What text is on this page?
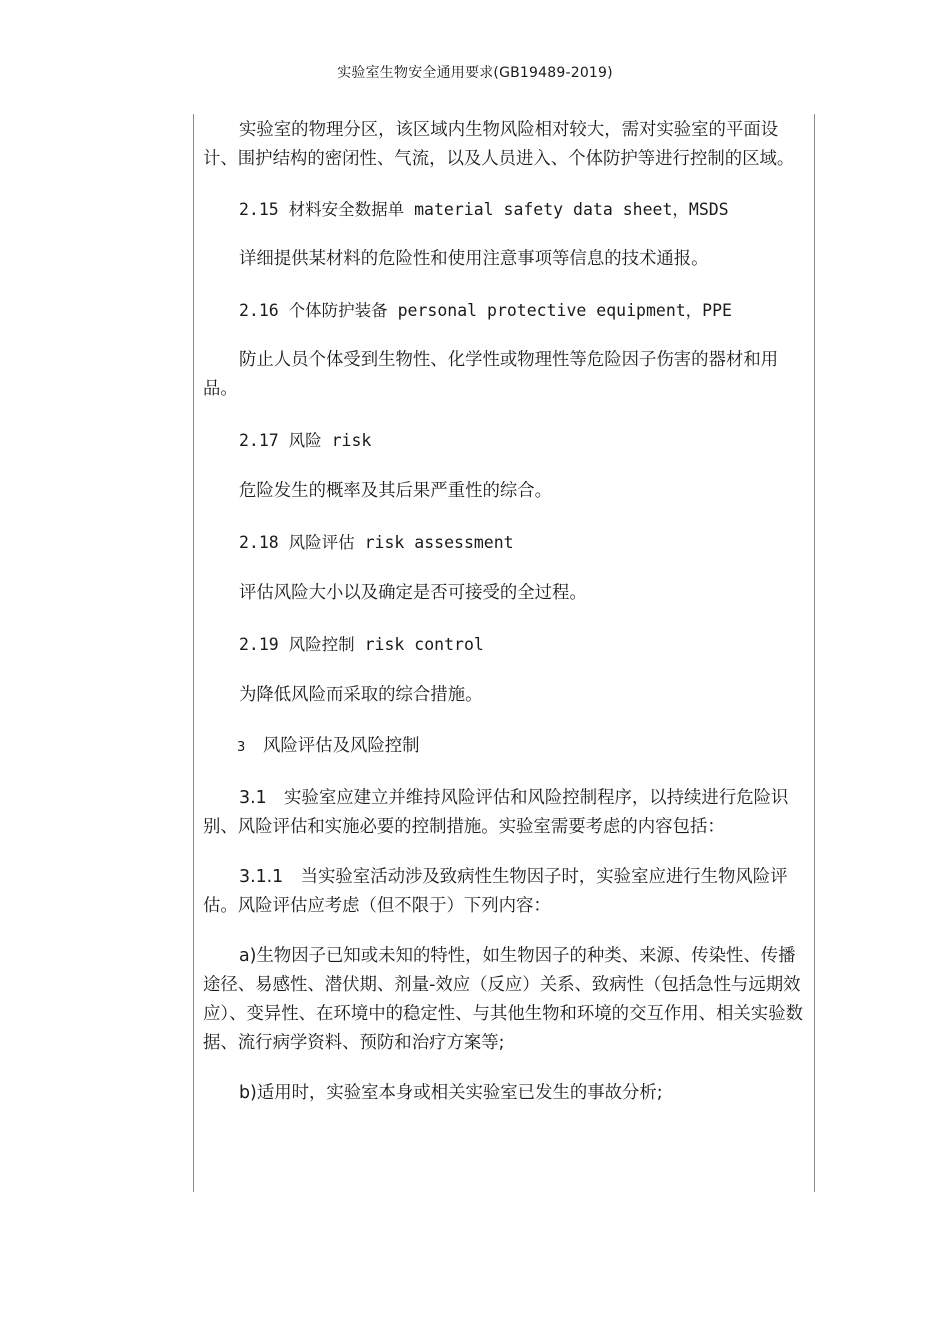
实验室生物安全通用要求(GB19489-2019)

实验室的物理分区，该区域内生物风险相对较大，需对实验室的平面设计、围护结构的密闭性、气流，以及人员进入、个体防护等进行控制的区域。

2.15 材料安全数据单 material safety data sheet，MSDS

详细提供某材料的危险性和使用注意事项等信息的技术通报。

2.16 个体防护装备 personal protective equipment，PPE

防止人员个体受到生物性、化学性或物理性等危险因子伤害的器材和用品。

2.17 风险 risk

危险发生的概率及其后果严重性的综合。

2.18 风险评估 risk assessment

评估风险大小以及确定是否可接受的全过程。

2.19 风险控制 risk control

为降低风险而采取的综合措施。

3 风险评估及风险控制

3.1　实验室应建立并维持风险评估和风险控制程序，以持续进行危险识别、风险评估和实施必要的控制措施。实验室需要考虑的内容包括：

3.1.1　当实验室活动涉及致病性生物因子时，实验室应进行生物风险评估。风险评估应考虑（但不限于）下列内容：

a)生物因子已知或未知的特性，如生物因子的种类、来源、传染性、传播途径、易感性、潜伏期、剂量-效应（反应）关系、致病性（包括急性与远期效应）、变异性、在环境中的稳定性、与其他生物和环境的交互作用、相关实验数据、流行病学资料、预防和治疗方案等;

b)适用时，实验室本身或相关实验室已发生的事故分析;
